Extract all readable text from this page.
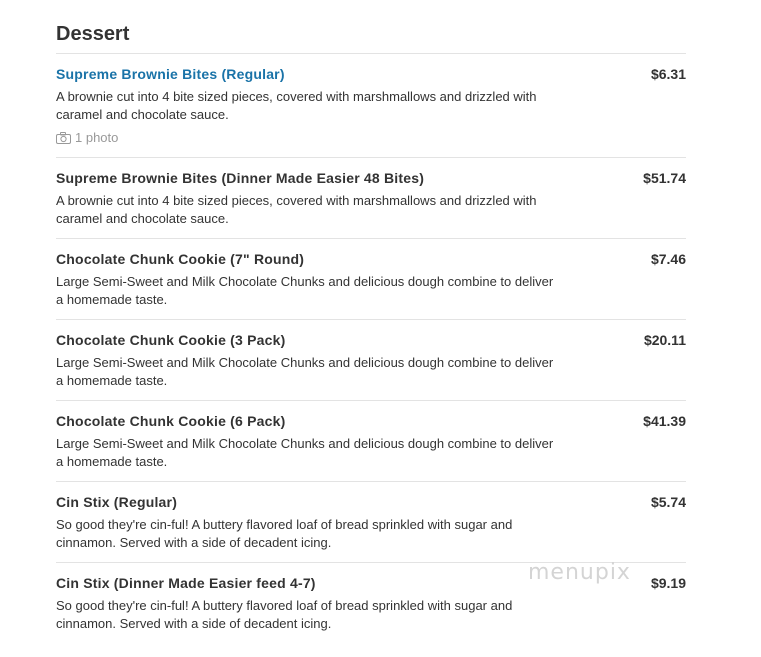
Dessert
Supreme Brownie Bites (Regular)	$6.31
A brownie cut into 4 bite sized pieces, covered with marshmallows and drizzled with caramel and chocolate sauce.
1 photo
Supreme Brownie Bites (Dinner Made Easier 48 Bites)	$51.74
A brownie cut into 4 bite sized pieces, covered with marshmallows and drizzled with caramel and chocolate sauce.
Chocolate Chunk Cookie (7" Round)	$7.46
Large Semi-Sweet and Milk Chocolate Chunks and delicious dough combine to deliver a homemade taste.
Chocolate Chunk Cookie (3 Pack)	$20.11
Large Semi-Sweet and Milk Chocolate Chunks and delicious dough combine to deliver a homemade taste.
Chocolate Chunk Cookie (6 Pack)	$41.39
Large Semi-Sweet and Milk Chocolate Chunks and delicious dough combine to deliver a homemade taste.
Cin Stix (Regular)	$5.74
So good they're cin-ful! A buttery flavored loaf of bread sprinkled with sugar and cinnamon. Served with a side of decadent icing.
Cin Stix (Dinner Made Easier feed 4-7)	$9.19
So good they're cin-ful! A buttery flavored loaf of bread sprinkled with sugar and cinnamon. Served with a side of decadent icing.
menupix
